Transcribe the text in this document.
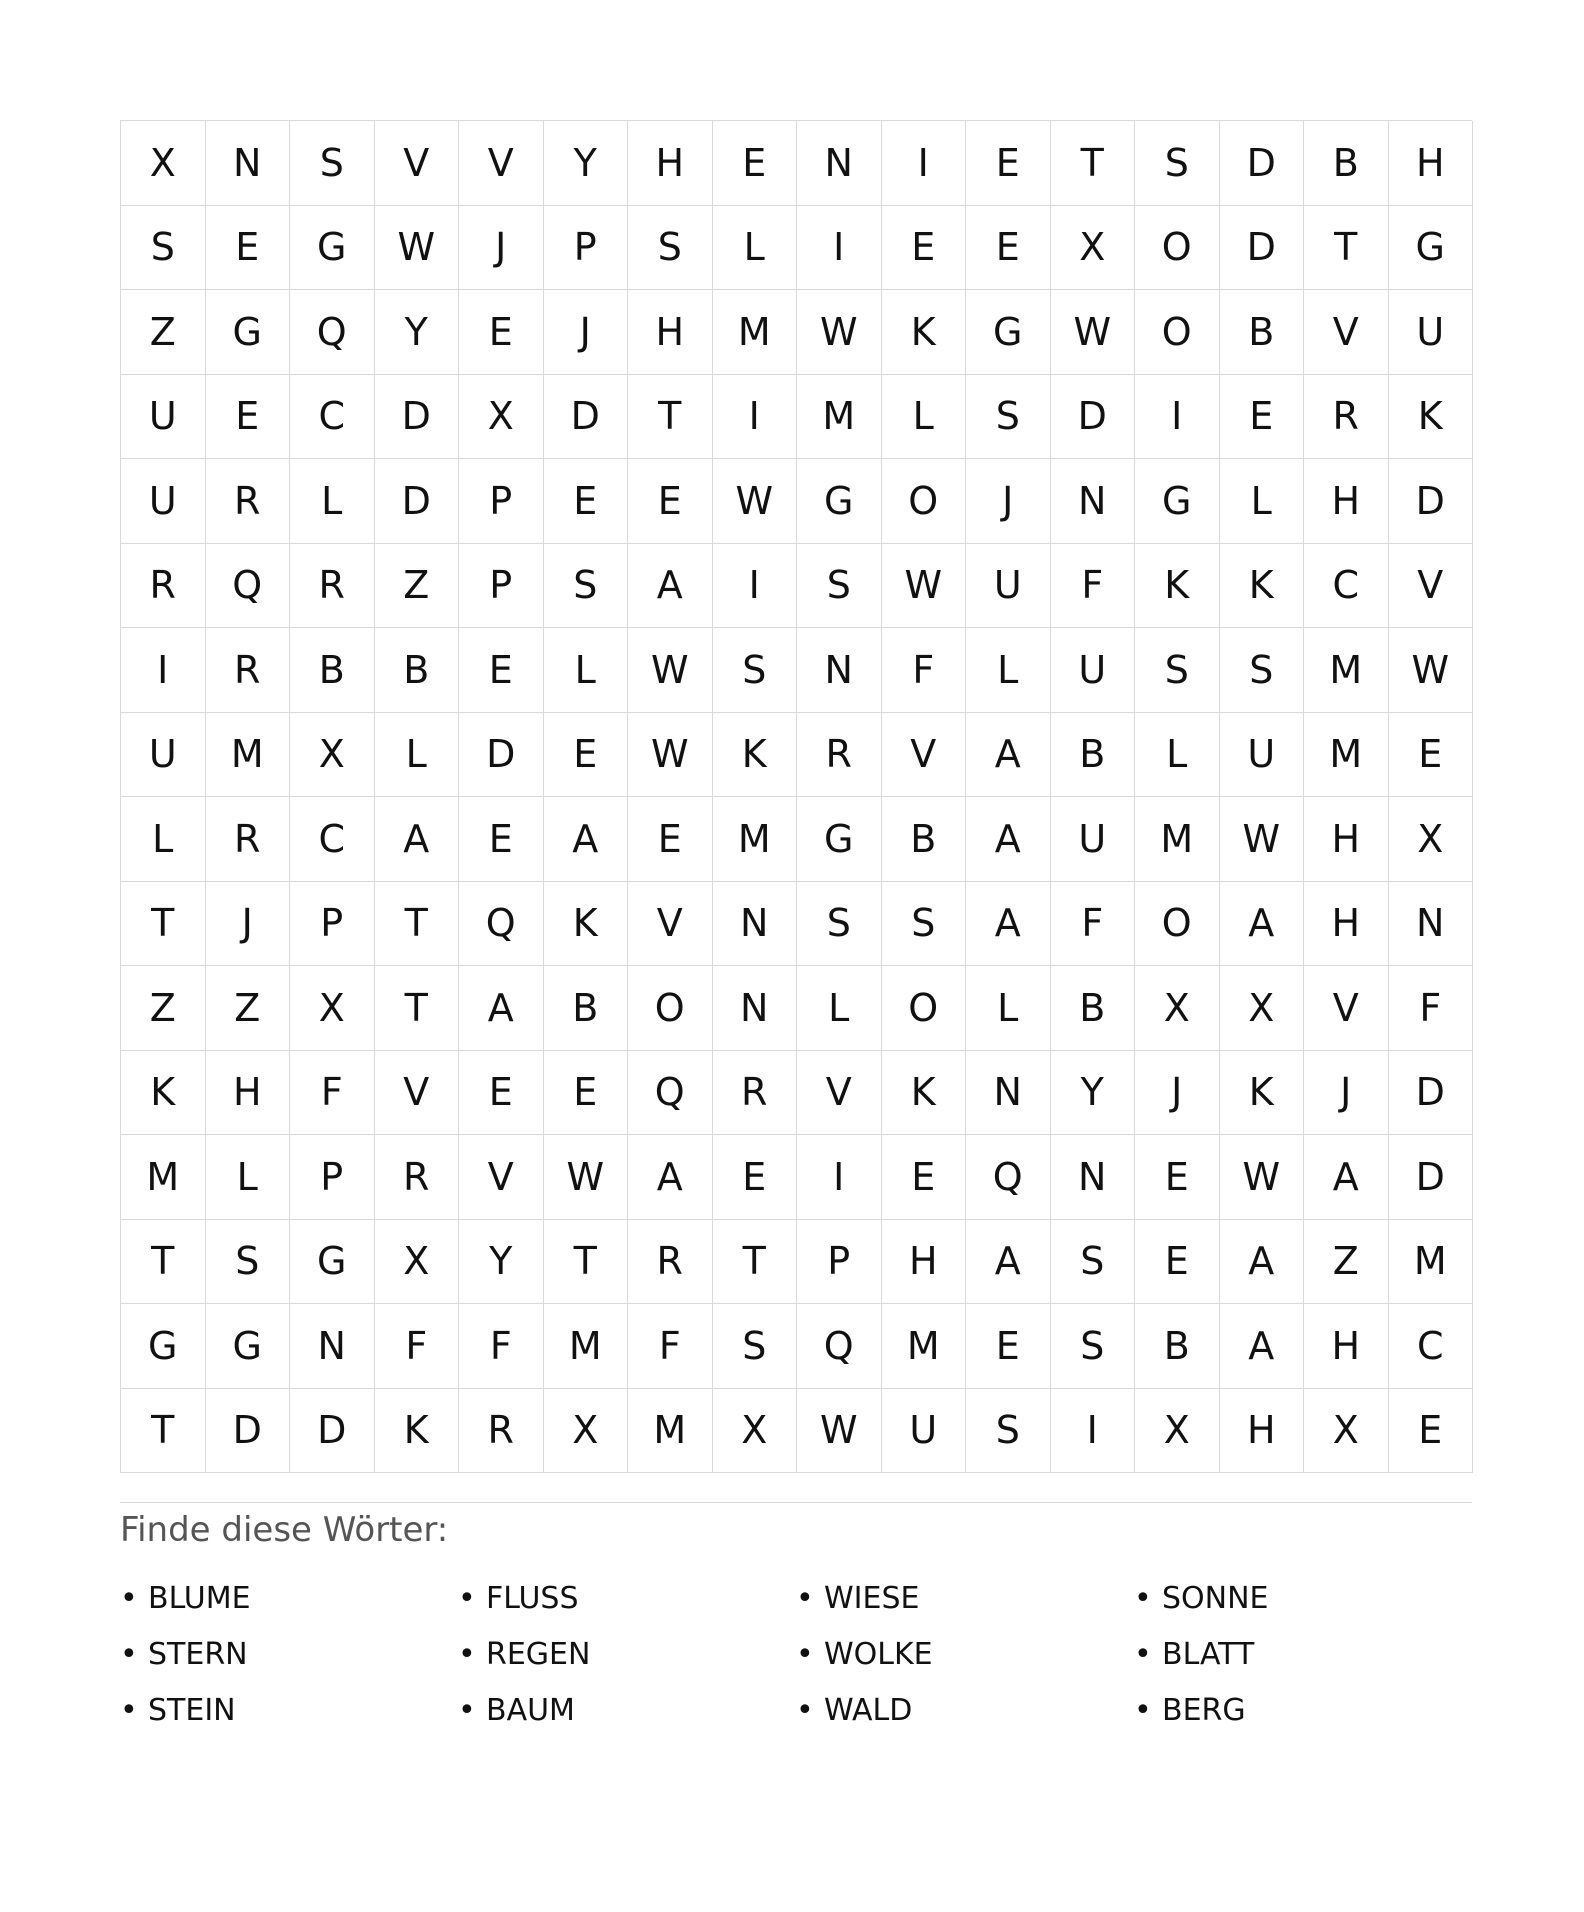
X	N	S	V	V	Y	H	E	N	I	E	T	S	D	B	H
S	E	G	W	J	P	S	L	I	E	E	X	O	D	T	G
Z	G	Q	Y	E	J	H	M	W	K	G	W	O	B	V	U
U	E	C	D	X	D	T	I	M	L	S	D	I	E	R	K
U	R	L	D	P	E	E	W	G	O	J	N	G	L	H	D
R	Q	R	Z	P	S	A	I	S	W	U	F	K	K	C	V
I	R	B	B	E	L	W	S	N	F	L	U	S	S	M	W
U	M	X	L	D	E	W	K	R	V	A	B	L	U	M	E
L	R	C	A	E	A	E	M	G	B	A	U	M	W	H	X
T	J	P	T	Q	K	V	N	S	S	A	F	O	A	H	N
Z	Z	X	T	A	B	O	N	L	O	L	B	X	X	V	F
K	H	F	V	E	E	Q	R	V	K	N	Y	J	K	J	D
M	L	P	R	V	W	A	E	I	E	Q	N	E	W	A	D
T	S	G	X	Y	T	R	T	P	H	A	S	E	A	Z	M
G	G	N	F	F	M	F	S	Q	M	E	S	B	A	H	C
T	D	D	K	R	X	M	X	W	U	S	I	X	H	X	E
Finde diese Wörter:
• BLUME	• FLUSS	• WIESE	• SONNE
• STERN	• REGEN	• WOLKE	• BLATT
• STEIN	• BAUM	• WALD	• BERG
